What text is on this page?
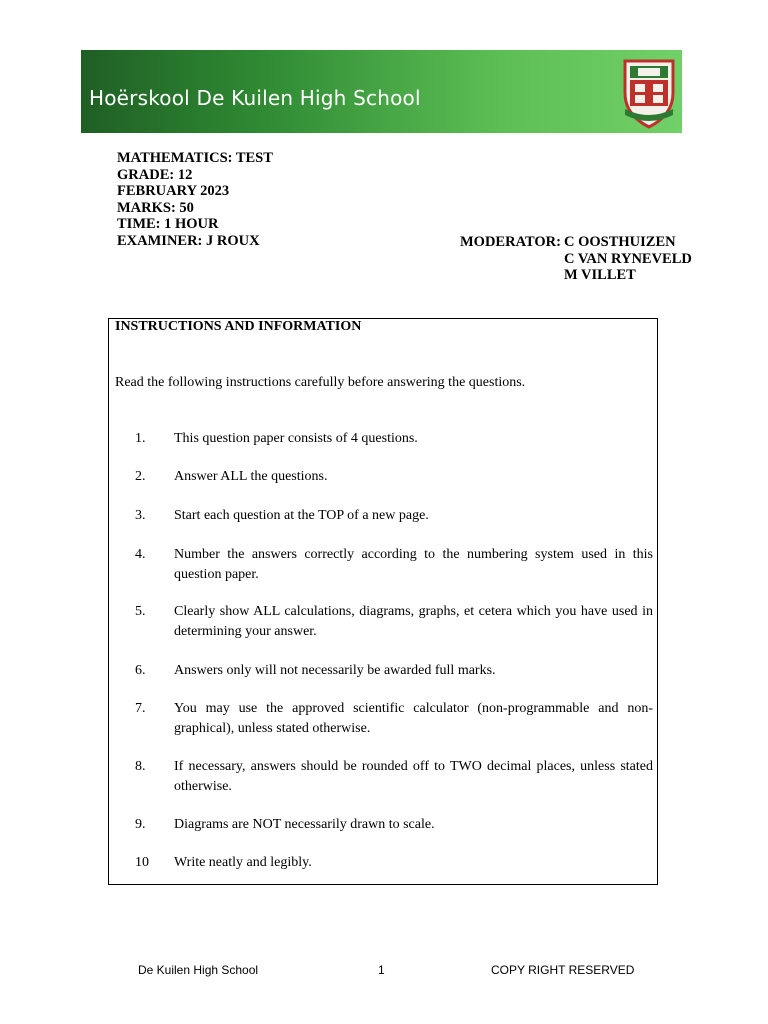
Hoërskool De Kuilen High School
MATHEMATICS: TEST
GRADE: 12
FEBRUARY 2023
MARKS: 50
TIME: 1 HOUR
EXAMINER: J ROUX	MODERATOR: C OOSTHUIZEN
C VAN RYNEVELD
M VILLET
INSTRUCTIONS AND INFORMATION
Read the following instructions carefully before answering the questions.
1. This question paper consists of 4 questions.
2. Answer ALL the questions.
3. Start each question at the TOP of a new page.
4. Number the answers correctly according to the numbering system used in this question paper.
5. Clearly show ALL calculations, diagrams, graphs, et cetera which you have used in determining your answer.
6. Answers only will not necessarily be awarded full marks.
7. You may use the approved scientific calculator (non-programmable and non-graphical), unless stated otherwise.
8. If necessary, answers should be rounded off to TWO decimal places, unless stated otherwise.
9. Diagrams are NOT necessarily drawn to scale.
10 Write neatly and legibly.
De Kuilen High School	1	COPY RIGHT RESERVED
